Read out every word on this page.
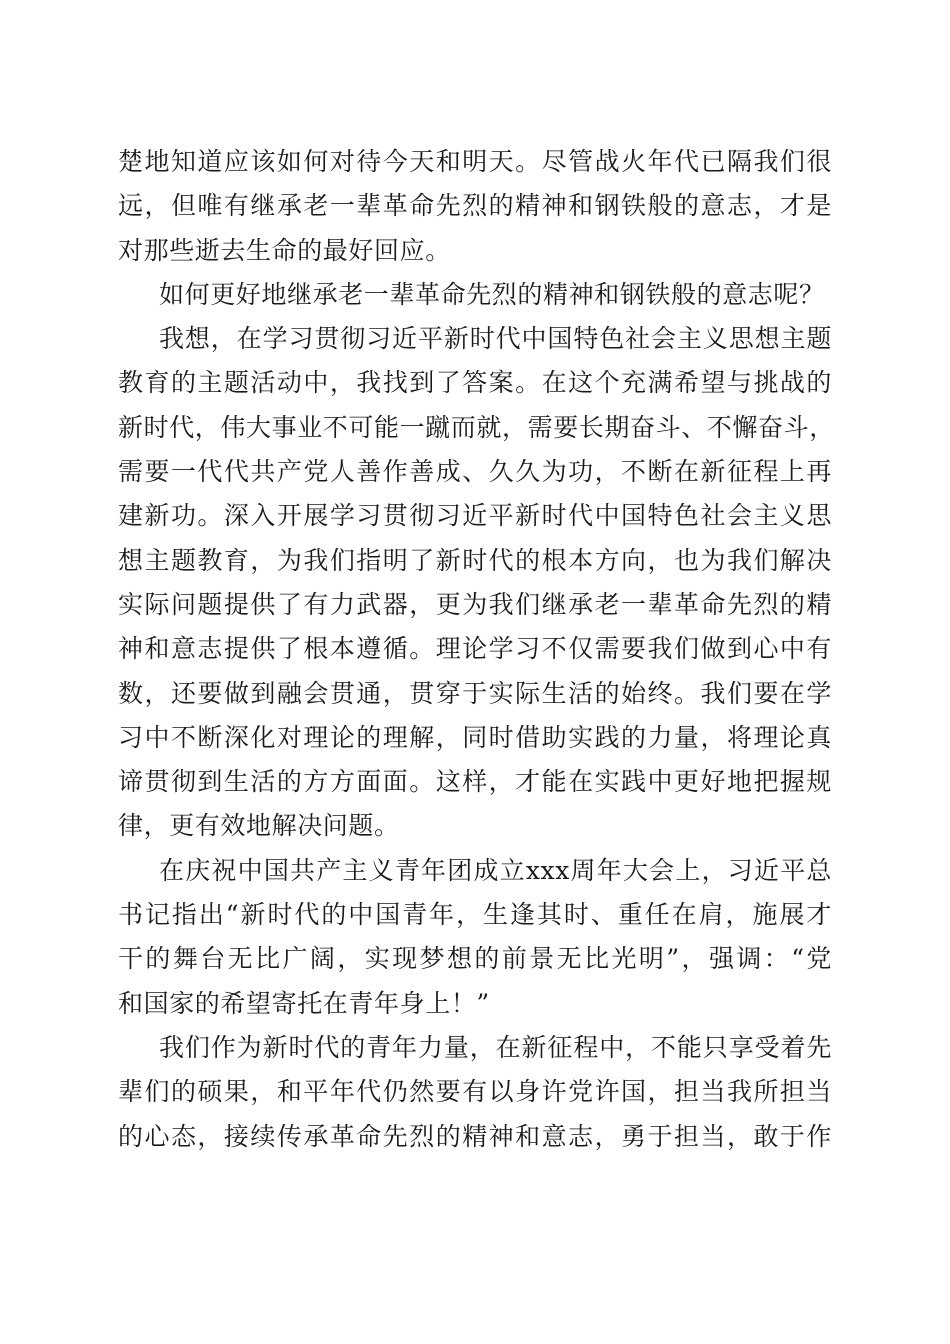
楚地知道应该如何对待今天和明天。尽管战火年代已隔我们很
远，但唯有继承老一辈革命先烈的精神和钢铁般的意志，才是
对那些逝去生命的最好回应。
如何更好地继承老一辈革命先烈的精神和钢铁般的意志呢？
我想，在学习贯彻习近平新时代中国特色社会主义思想主题
教育的主题活动中，我找到了答案。在这个充满希望与挑战的
新时代，伟大事业不可能一蹴而就，需要长期奋斗、不懈奋斗，
需要一代代共产党人善作善成、久久为功，不断在新征程上再
建新功。深入开展学习贯彻习近平新时代中国特色社会主义思
想主题教育，为我们指明了新时代的根本方向，也为我们解决
实际问题提供了有力武器，更为我们继承老一辈革命先烈的精
神和意志提供了根本遵循。理论学习不仅需要我们做到心中有
数，还要做到融会贯通，贯穿于实际生活的始终。我们要在学
习中不断深化对理论的理解，同时借助实践的力量，将理论真
谛贯彻到生活的方方面面。这样，才能在实践中更好地把握规
律，更有效地解决问题。
在庆祝中国共产主义青年团成立xxx周年大会上，习近平总
书记指出“新时代的中国青年，生逢其时、重任在肩，施展才
干的舞台无比广阔，实现梦想的前景无比光明”，强调：“党
和国家的希望寄托在青年身上！”
我们作为新时代的青年力量，在新征程中，不能只享受着先
辈们的硕果，和平年代仍然要有以身许党许国，担当我所担当
的心态，接续传承革命先烈的精神和意志，勇于担当，敢于作
